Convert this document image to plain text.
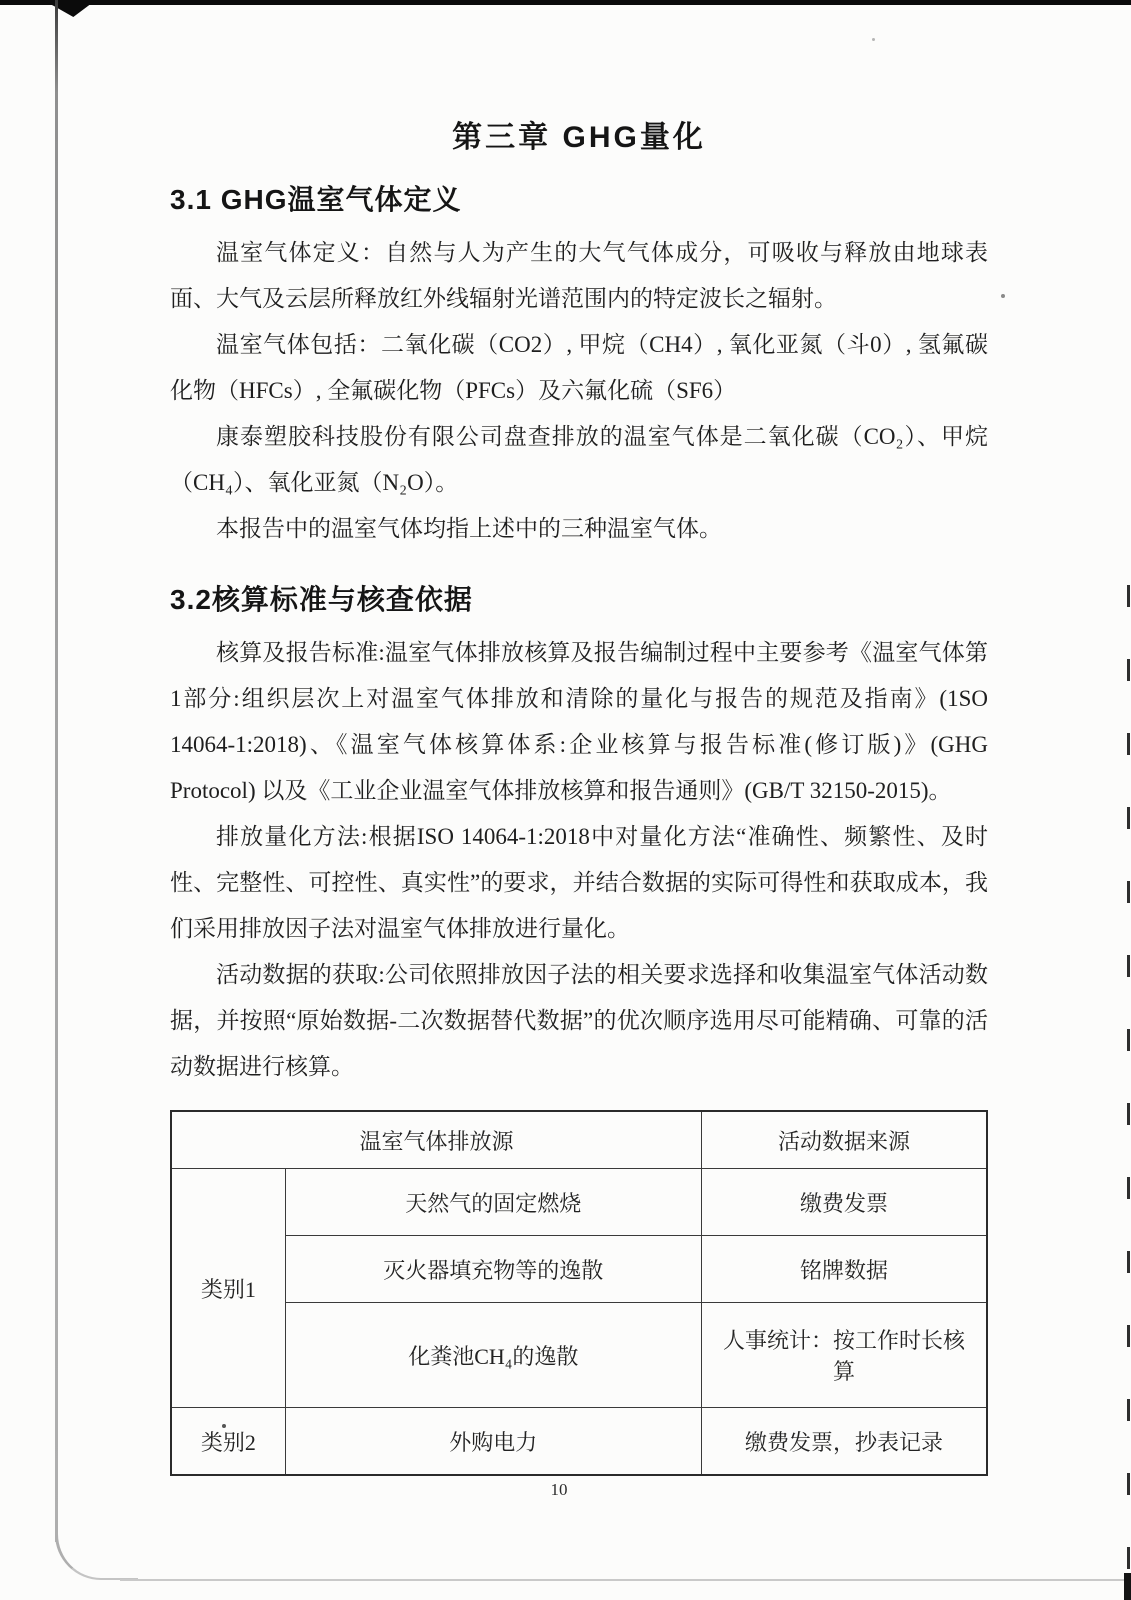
第三章 GHG量化
3.1 GHG温室气体定义

温室气体定义：自然与人为产生的大气气体成分，可吸收与释放由地球表面、大气及云层所释放红外线辐射光谱范围内的特定波长之辐射。

温室气体包括：二氧化碳（CO2）, 甲烷（CH4）, 氧化亚氮（斗0）, 氢氟碳化物（HFCs）, 全氟碳化物（PFCs）及六氟化硫（SF6）

康泰塑胶科技股份有限公司盘查排放的温室气体是二氧化碳（CO₂）、甲烷（CH₄）、氧化亚氮（N₂O）。

本报告中的温室气体均指上述中的三种温室气体。

3.2核算标准与核查依据

核算及报告标准:温室气体排放核算及报告编制过程中主要参考《温室气体第1部分:组织层次上对温室气体排放和清除的量化与报告的规范及指南》(1SO 14064-1:2018)、《温室气体核算体系:企业核算与报告标准(修订版)》(GHG Protocol) 以及《工业企业温室气体排放核算和报告通则》(GB/T 32150-2015)。

排放量化方法:根据ISO 14064-1:2018中对量化方法“准确性、频繁性、及时性、完整性、可控性、真实性”的要求，并结合数据的实际可得性和获取成本，我们采用排放因子法对温室气体排放进行量化。

活动数据的获取:公司依照排放因子法的相关要求选择和收集温室气体活动数据，并按照“原始数据-二次数据替代数据”的优次顺序选用尽可能精确、可靠的活动数据进行核算。

温室气体排放源		活动数据来源
类别1	天然气的固定燃烧	缴费发票
	灭火器填充物等的逸散	铭牌数据
	化粪池CH₄的逸散	人事统计：按工作时长核算
类别2	外购电力	缴费发票，抄表记录
10
